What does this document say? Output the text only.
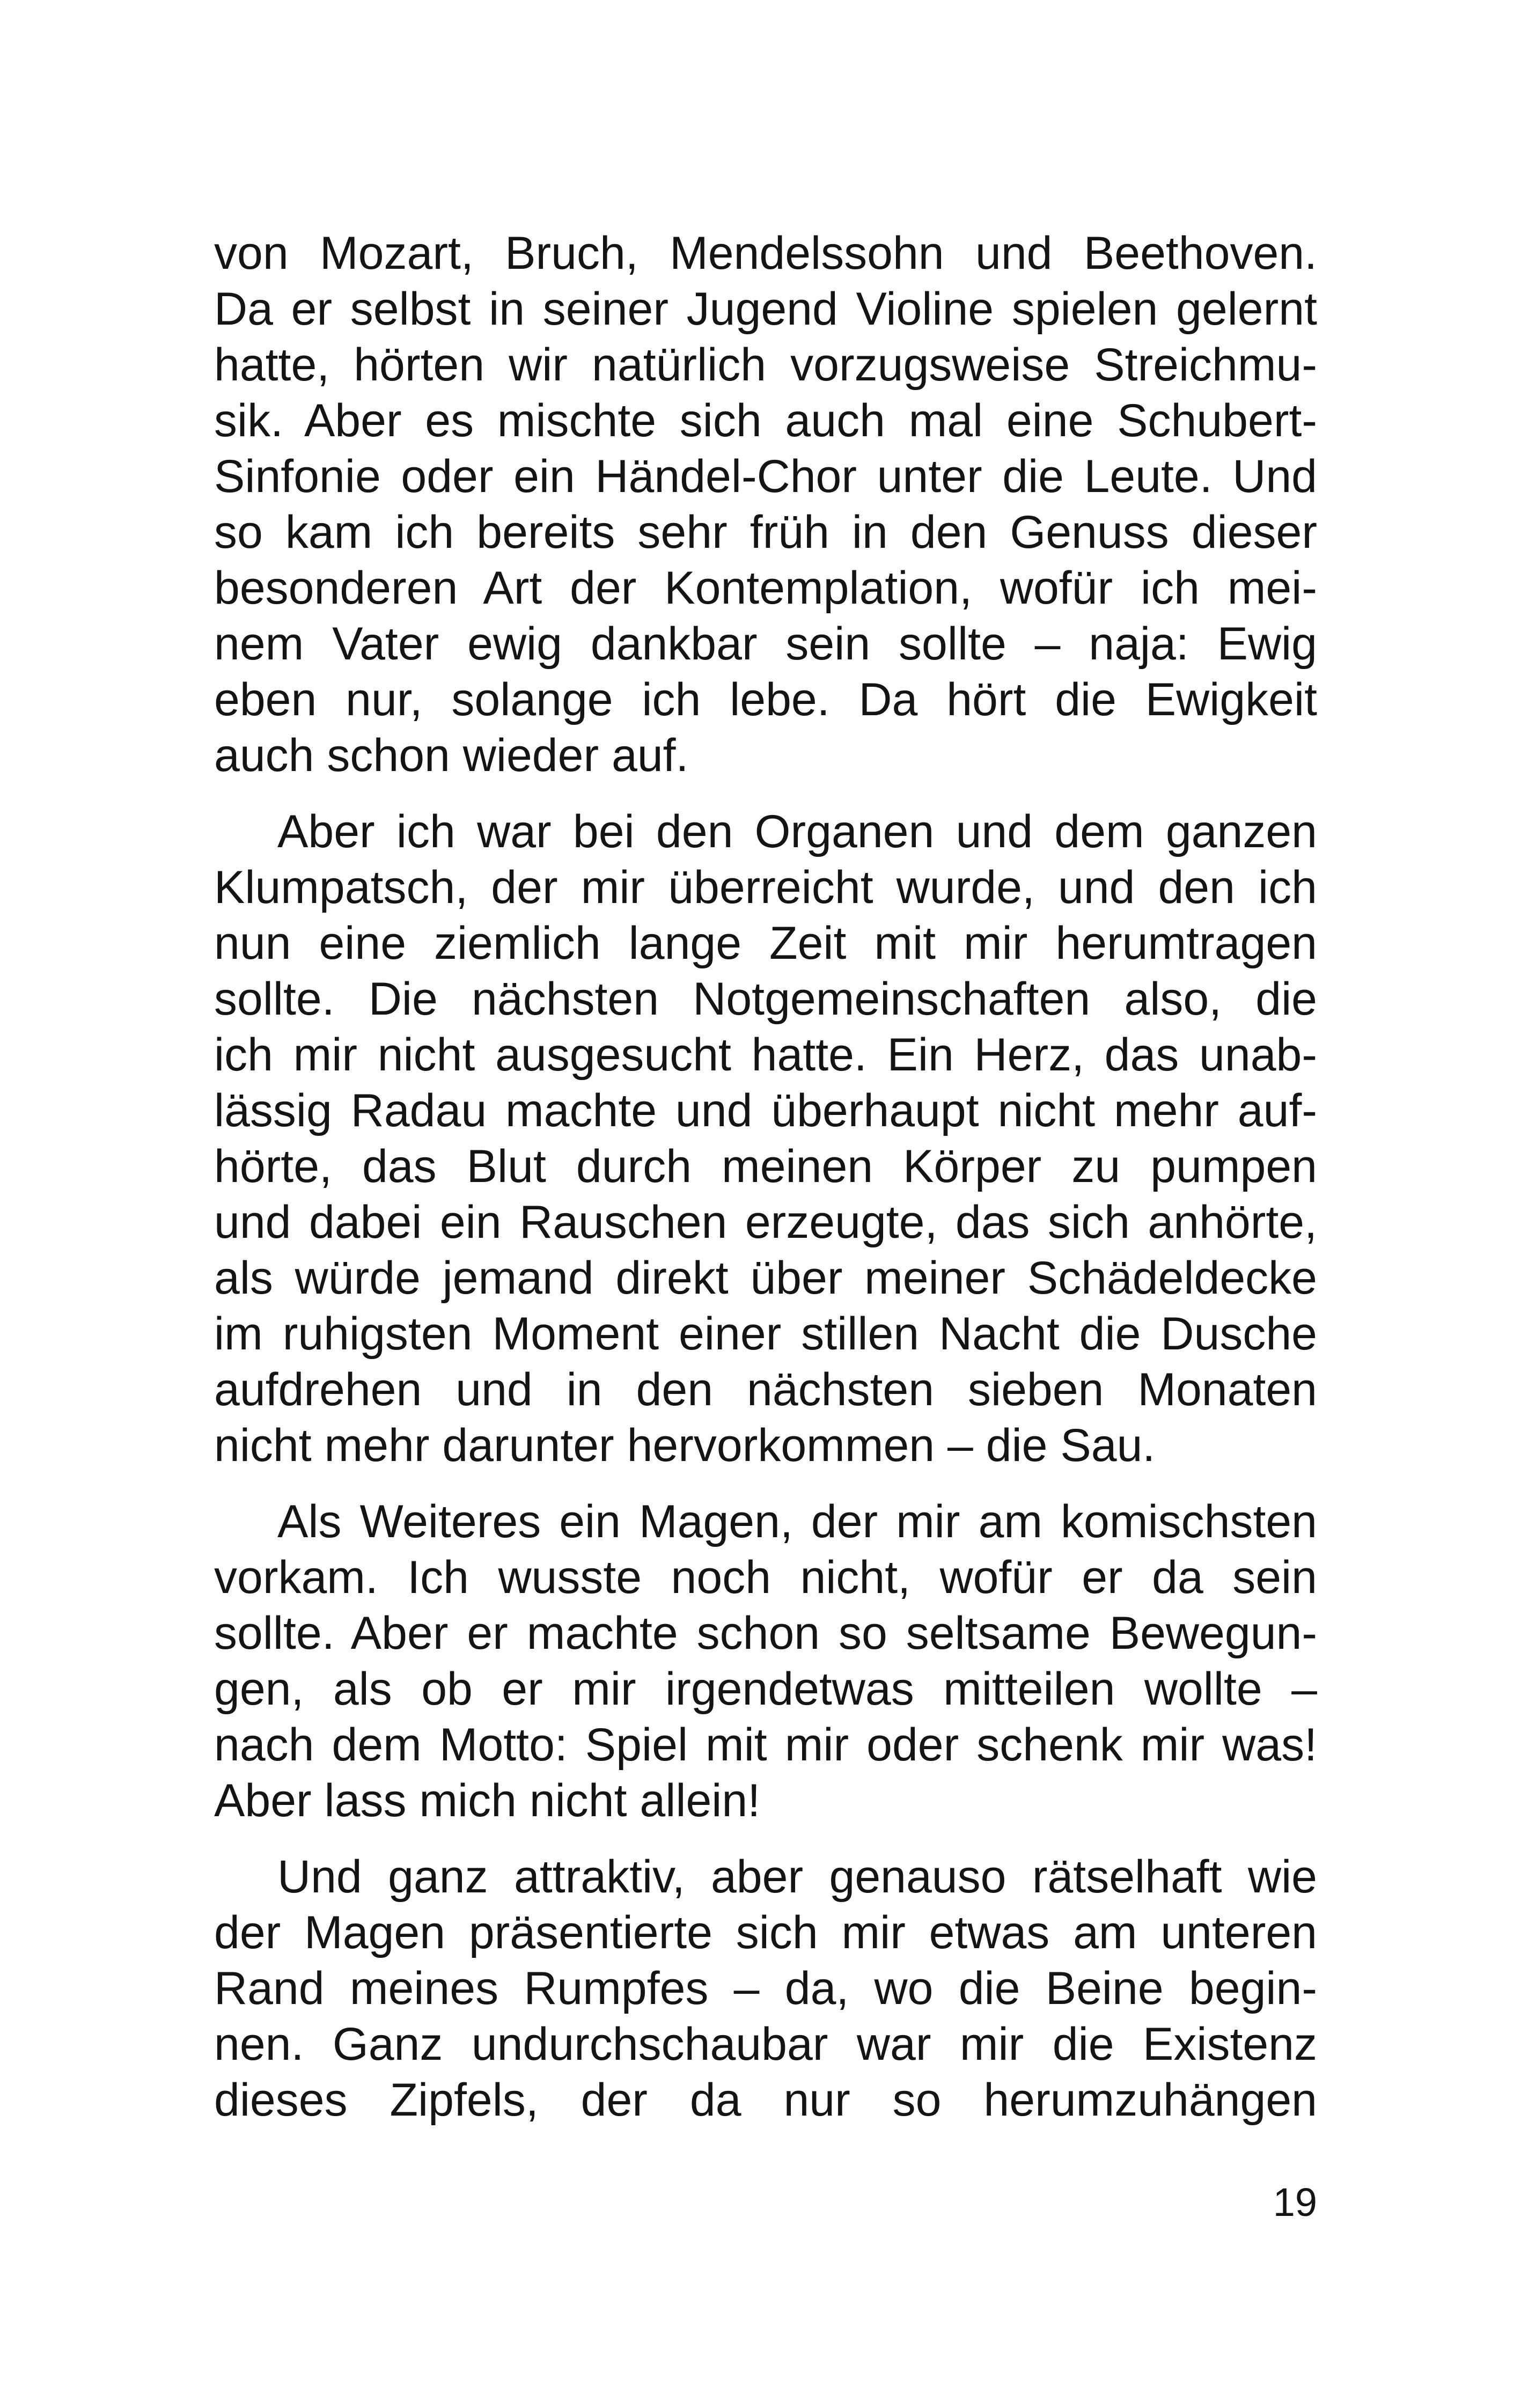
von Mozart, Bruch, Mendelssohn und Beethoven.
Da er selbst in seiner Jugend Violine spielen gelernt
hatte, hörten wir natürlich vorzugsweise Streichmu-
sik. Aber es mischte sich auch mal eine Schubert-
Sinfonie oder ein Händel-Chor unter die Leute. Und
so kam ich bereits sehr früh in den Genuss dieser
besonderen Art der Kontemplation, wofür ich mei-
nem Vater ewig dankbar sein sollte – naja: Ewig
eben nur, solange ich lebe. Da hört die Ewigkeit
auch schon wieder auf.
Aber ich war bei den Organen und dem ganzen
Klumpatsch, der mir überreicht wurde, und den ich
nun eine ziemlich lange Zeit mit mir herumtragen
sollte. Die nächsten Notgemeinschaften also, die
ich mir nicht ausgesucht hatte. Ein Herz, das unab-
lässig Radau machte und überhaupt nicht mehr auf-
hörte, das Blut durch meinen Körper zu pumpen
und dabei ein Rauschen erzeugte, das sich anhörte,
als würde jemand direkt über meiner Schädeldecke
im ruhigsten Moment einer stillen Nacht die Dusche
aufdrehen und in den nächsten sieben Monaten
nicht mehr darunter hervorkommen – die Sau.
Als Weiteres ein Magen, der mir am komischsten
vorkam. Ich wusste noch nicht, wofür er da sein
sollte. Aber er machte schon so seltsame Bewegun-
gen, als ob er mir irgendetwas mitteilen wollte –
nach dem Motto: Spiel mit mir oder schenk mir was!
Aber lass mich nicht allein!
Und ganz attraktiv, aber genauso rätselhaft wie
der Magen präsentierte sich mir etwas am unteren
Rand meines Rumpfes – da, wo die Beine begin-
nen. Ganz undurchschaubar war mir die Existenz
dieses Zipfels, der da nur so herumzuhängen
19
